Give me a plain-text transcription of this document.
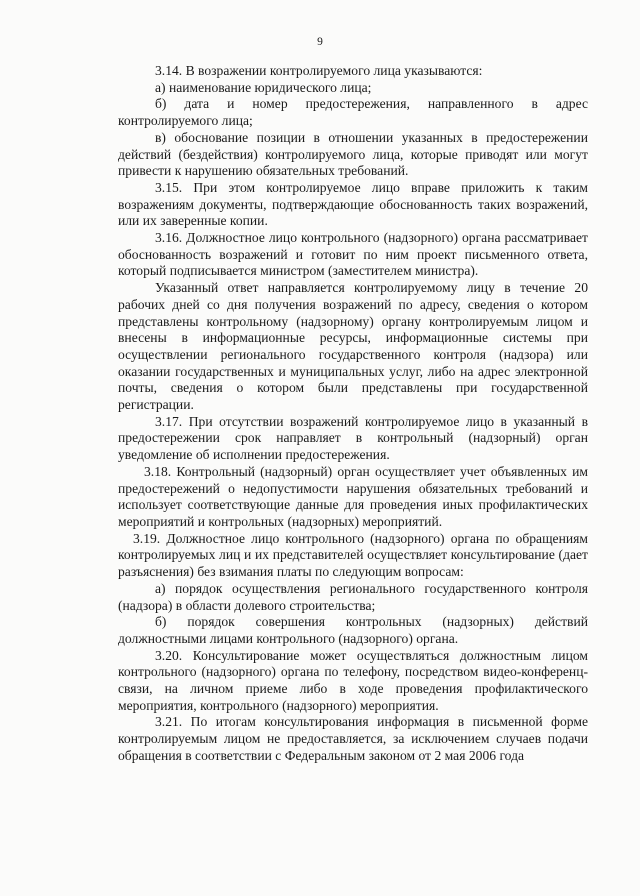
9

3.14. В возражении контролируемого лица указываются:

а) наименование юридического лица;

б) дата и номер предостережения, направленного в адрес контролируемого лица;

в) обоснование позиции в отношении указанных в предостережении действий (бездействия) контролируемого лица, которые приводят или могут привести к нарушению обязательных требований.

3.15. При этом контролируемое лицо вправе приложить к таким возражениям документы, подтверждающие обоснованность таких возражений, или их заверенные копии.

3.16. Должностное лицо контрольного (надзорного) органа рассматривает обоснованность возражений и готовит по ним проект письменного ответа, который подписывается министром (заместителем министра).

Указанный ответ направляется контролируемому лицу в течение 20 рабочих дней со дня получения возражений по адресу, сведения о котором представлены контрольному (надзорному) органу контролируемым лицом и внесены в информационные ресурсы, информационные системы при осуществлении регионального государственного контроля (надзора) или оказании государственных и муниципальных услуг, либо на адрес электронной почты, сведения о котором были представлены при государственной регистрации.

3.17. При отсутствии возражений контролируемое лицо в указанный в предостережении срок направляет в контрольный (надзорный) орган уведомление об исполнении предостережения.

3.18. Контрольный (надзорный) орган осуществляет учет объявленных им предостережений о недопустимости нарушения обязательных требований и использует соответствующие данные для проведения иных профилактических мероприятий и контрольных (надзорных) мероприятий.

3.19. Должностное лицо контрольного (надзорного) органа по обращениям контролируемых лиц и их представителей осуществляет консультирование (дает разъяснения) без взимания платы по следующим вопросам:

а) порядок осуществления регионального государственного контроля (надзора) в области долевого строительства;

б) порядок совершения контрольных (надзорных) действий должностными лицами контрольного (надзорного) органа.

3.20. Консультирование может осуществляться должностным лицом контрольного (надзорного) органа по телефону, посредством видео-конференц-связи, на личном приеме либо в ходе проведения профилактического мероприятия, контрольного (надзорного) мероприятия.

3.21. По итогам консультирования информация в письменной форме контролируемым лицом не предоставляется, за исключением случаев подачи обращения в соответствии с Федеральным законом от 2 мая 2006 года
